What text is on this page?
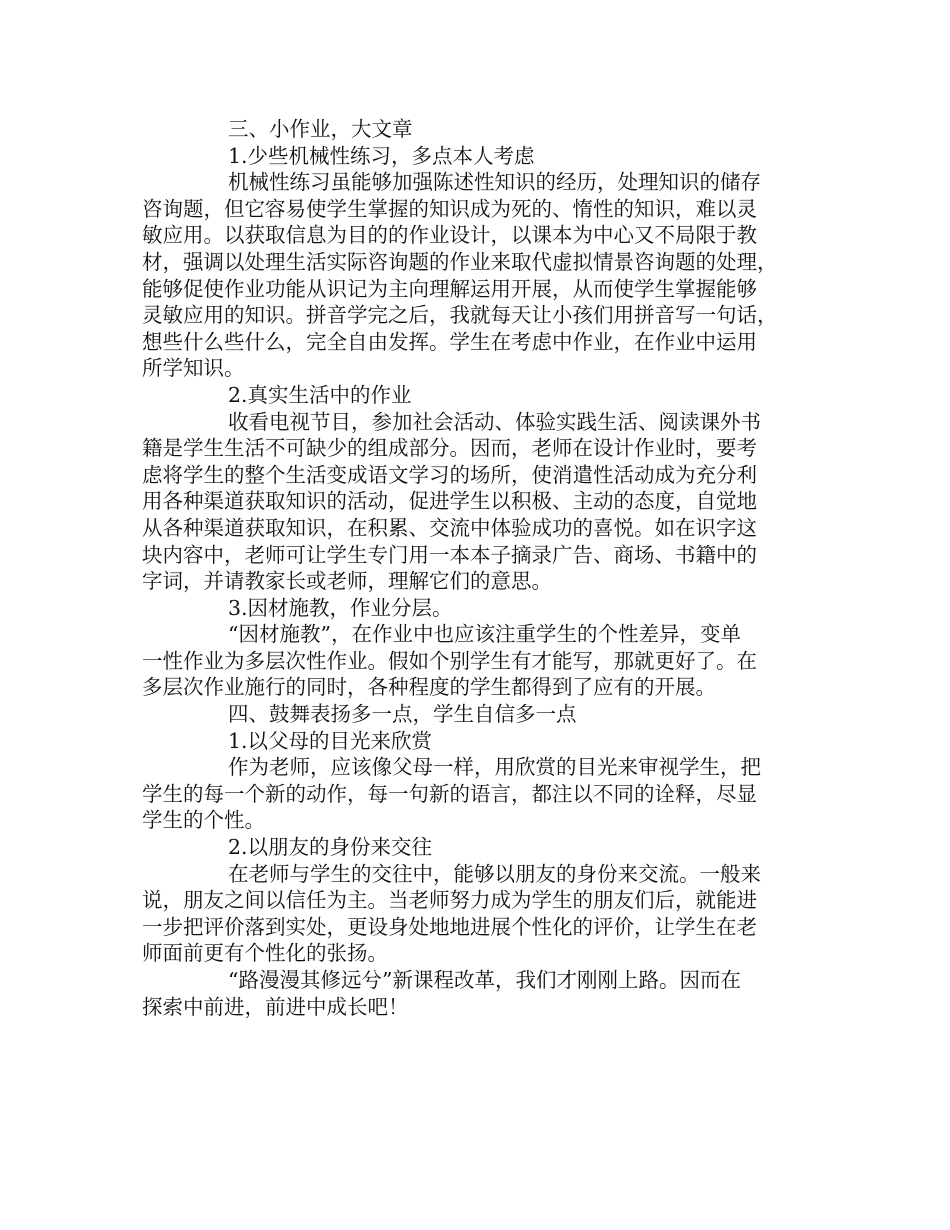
三、小作业，大文章
1.少些机械性练习，多点本人考虑
机械性练习虽能够加强陈述性知识的经历，处理知识的储存
咨询题，但它容易使学生掌握的知识成为死的、惰性的知识，难以灵
敏应用。以获取信息为目的的作业设计，以课本为中心又不局限于教
材，强调以处理生活实际咨询题的作业来取代虚拟情景咨询题的处理，
能够促使作业功能从识记为主向理解运用开展，从而使学生掌握能够
灵敏应用的知识。拼音学完之后，我就每天让小孩们用拼音写一句话，
想些什么些什么，完全自由发挥。学生在考虑中作业，在作业中运用
所学知识。
2.真实生活中的作业
收看电视节目，参加社会活动、体验实践生活、阅读课外书
籍是学生生活不可缺少的组成部分。因而，老师在设计作业时，要考
虑将学生的整个生活变成语文学习的场所，使消遣性活动成为充分利
用各种渠道获取知识的活动，促进学生以积极、主动的态度，自觉地
从各种渠道获取知识，在积累、交流中体验成功的喜悦。如在识字这
块内容中，老师可让学生专门用一本本子摘录广告、商场、书籍中的
字词，并请教家长或老师，理解它们的意思。
3.因材施教，作业分层。
“因材施教”，在作业中也应该注重学生的个性差异，变单
一性作业为多层次性作业。假如个别学生有才能写，那就更好了。在
多层次作业施行的同时，各种程度的学生都得到了应有的开展。
四、鼓舞表扬多一点，学生自信多一点
1.以父母的目光来欣赏
作为老师，应该像父母一样，用欣赏的目光来审视学生，把
学生的每一个新的动作，每一句新的语言，都注以不同的诠释，尽显
学生的个性。
2.以朋友的身份来交往
在老师与学生的交往中，能够以朋友的身份来交流。一般来
说，朋友之间以信任为主。当老师努力成为学生的朋友们后，就能进
一步把评价落到实处，更设身处地地进展个性化的评价，让学生在老
师面前更有个性化的张扬。
“路漫漫其修远兮”新课程改革，我们才刚刚上路。因而在
探索中前进，前进中成长吧！
